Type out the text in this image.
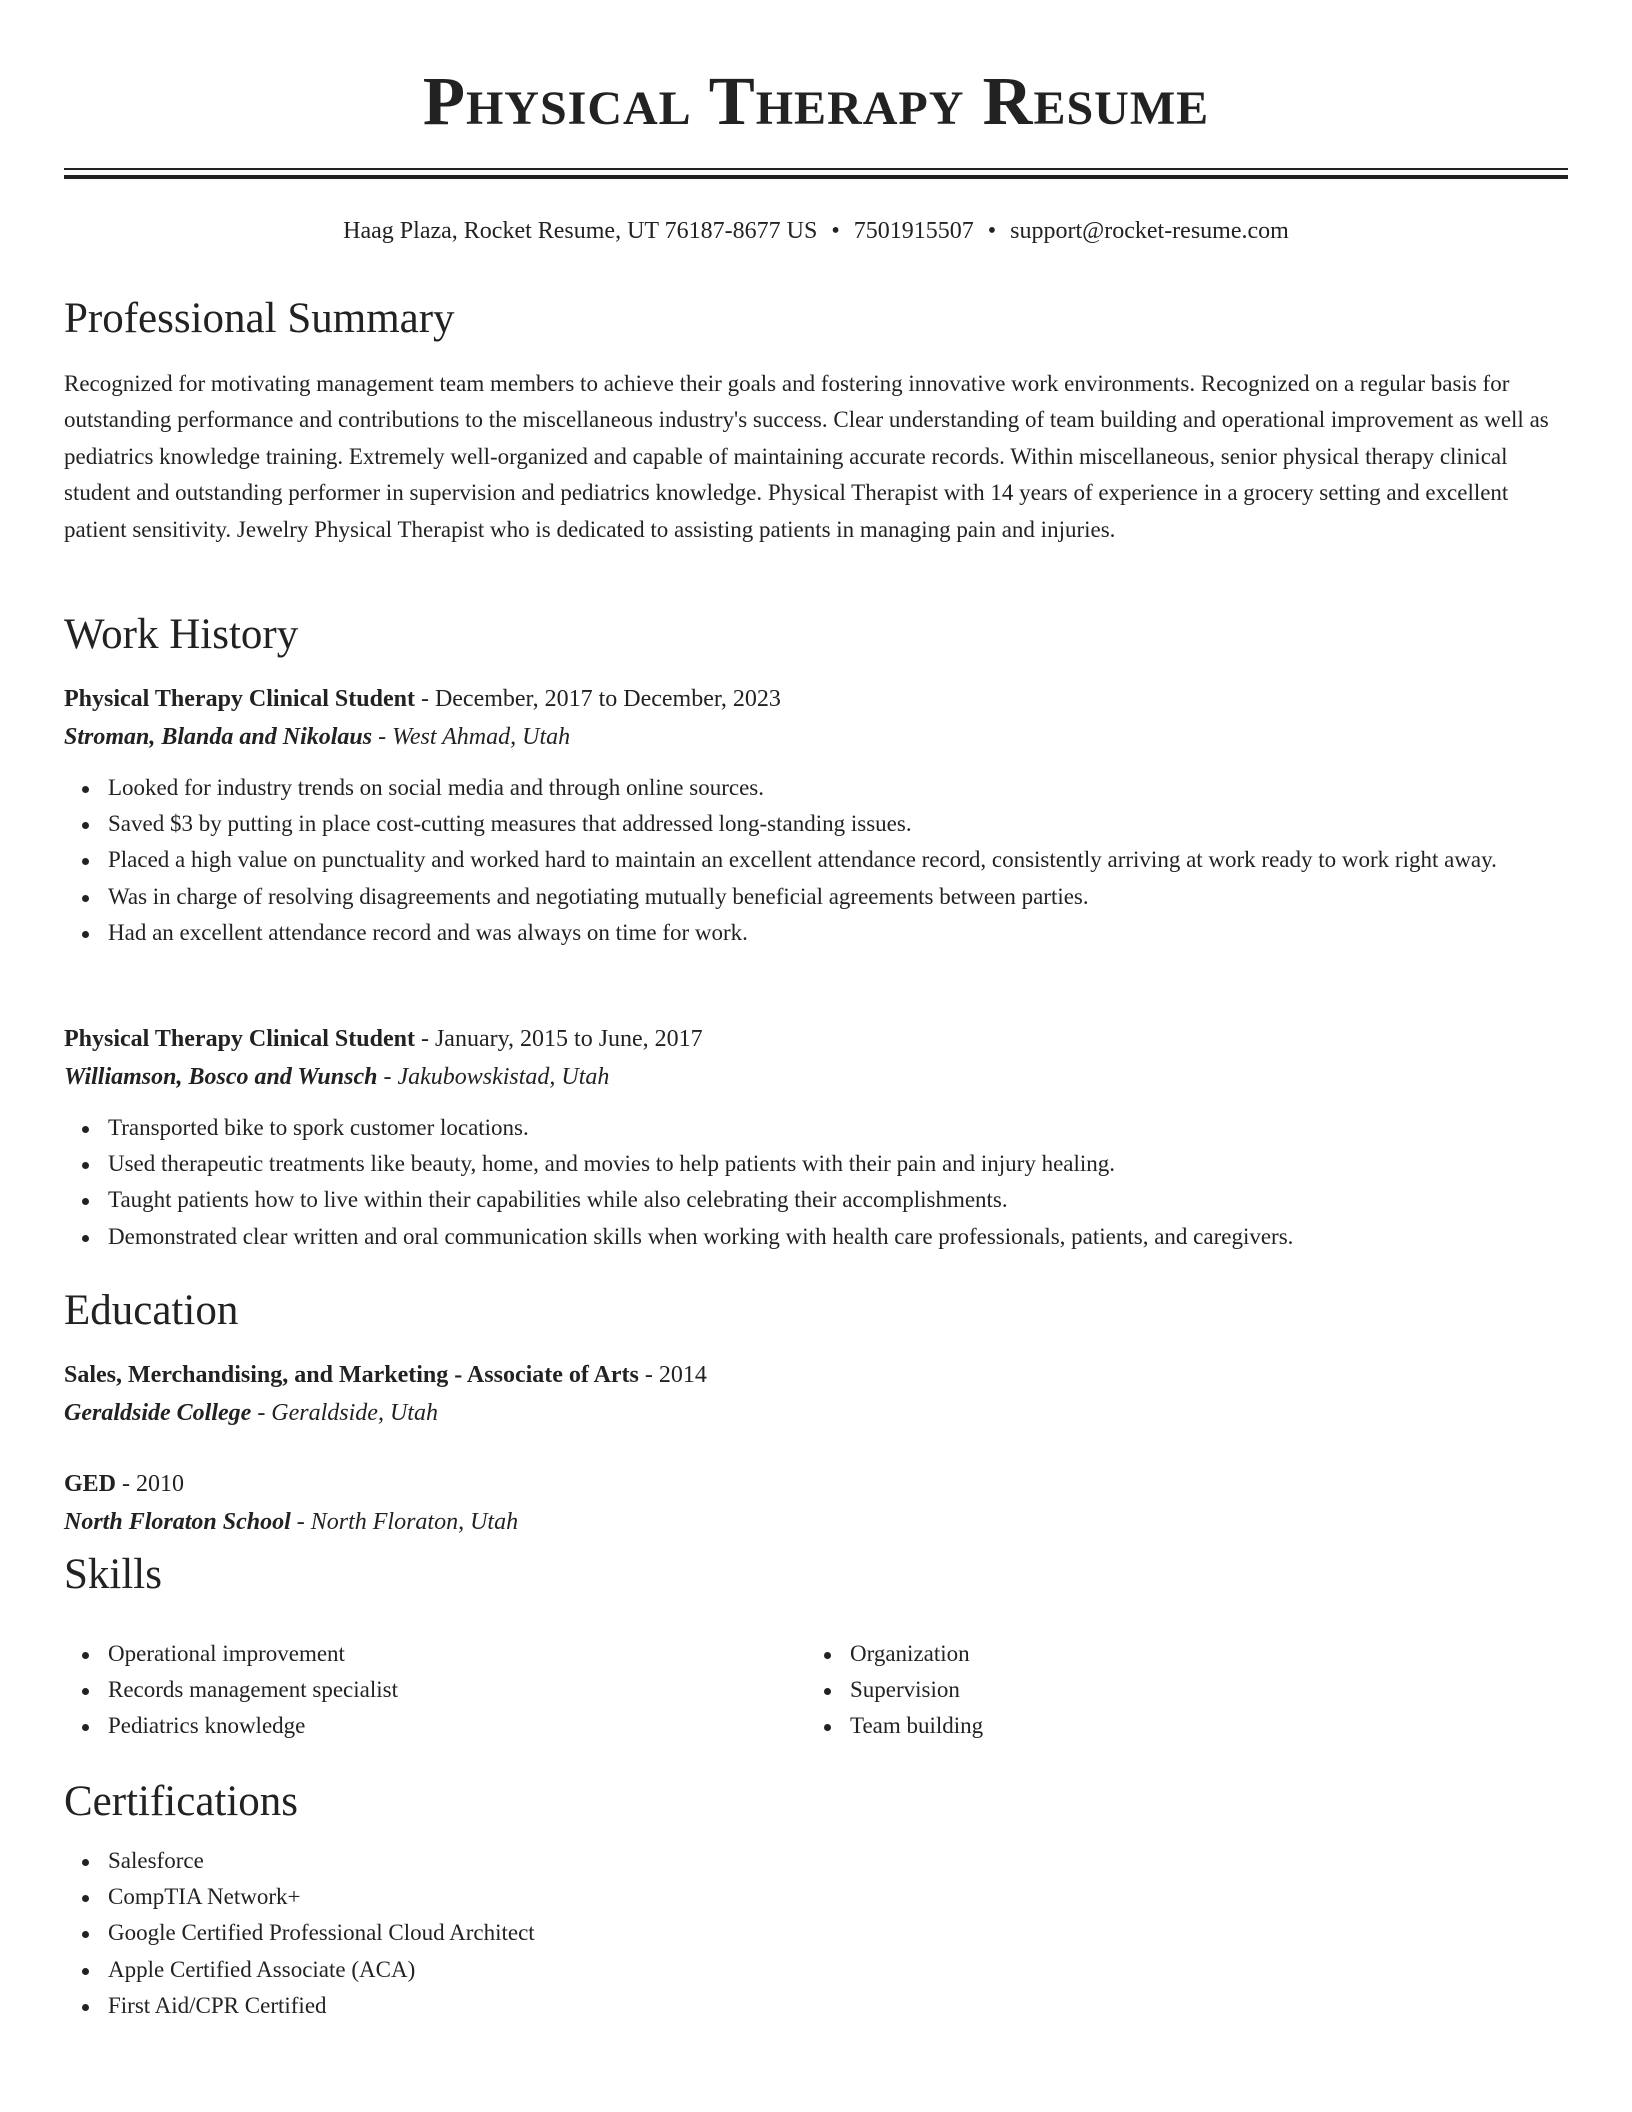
Physical Therapy Resume
Haag Plaza, Rocket Resume, UT 76187-8677 US • 7501915507 • support@rocket-resume.com
Professional Summary

Recognized for motivating management team members to achieve their goals and fostering innovative work environments. Recognized on a regular basis for outstanding performance and contributions to the miscellaneous industry's success. Clear understanding of team building and operational improvement as well as pediatrics knowledge training. Extremely well-organized and capable of maintaining accurate records. Within miscellaneous, senior physical therapy clinical student and outstanding performer in supervision and pediatrics knowledge. Physical Therapist with 14 years of experience in a grocery setting and excellent patient sensitivity. Jewelry Physical Therapist who is dedicated to assisting patients in managing pain and injuries.

Work History
Physical Therapy Clinical Student - December, 2017 to December, 2023
Stroman, Blanda and Nikolaus - West Ahmad, Utah
Looked for industry trends on social media and through online sources.
Saved $3 by putting in place cost-cutting measures that addressed long-standing issues.
Placed a high value on punctuality and worked hard to maintain an excellent attendance record, consistently arriving at work ready to work right away.
Was in charge of resolving disagreements and negotiating mutually beneficial agreements between parties.
Had an excellent attendance record and was always on time for work.
Physical Therapy Clinical Student - January, 2015 to June, 2017
Williamson, Bosco and Wunsch - Jakubowskistad, Utah
Transported bike to spork customer locations.
Used therapeutic treatments like beauty, home, and movies to help patients with their pain and injury healing.
Taught patients how to live within their capabilities while also celebrating their accomplishments.
Demonstrated clear written and oral communication skills when working with health care professionals, patients, and caregivers.
Education
Sales, Merchandising, and Marketing - Associate of Arts - 2014
Geraldside College - Geraldside, Utah
GED - 2010
North Floraton School - North Floraton, Utah
Skills
Operational improvement
Records management specialist
Pediatrics knowledge
Organization
Supervision
Team building
Certifications
Salesforce
CompTIA Network+
Google Certified Professional Cloud Architect
Apple Certified Associate (ACA)
First Aid/CPR Certified
